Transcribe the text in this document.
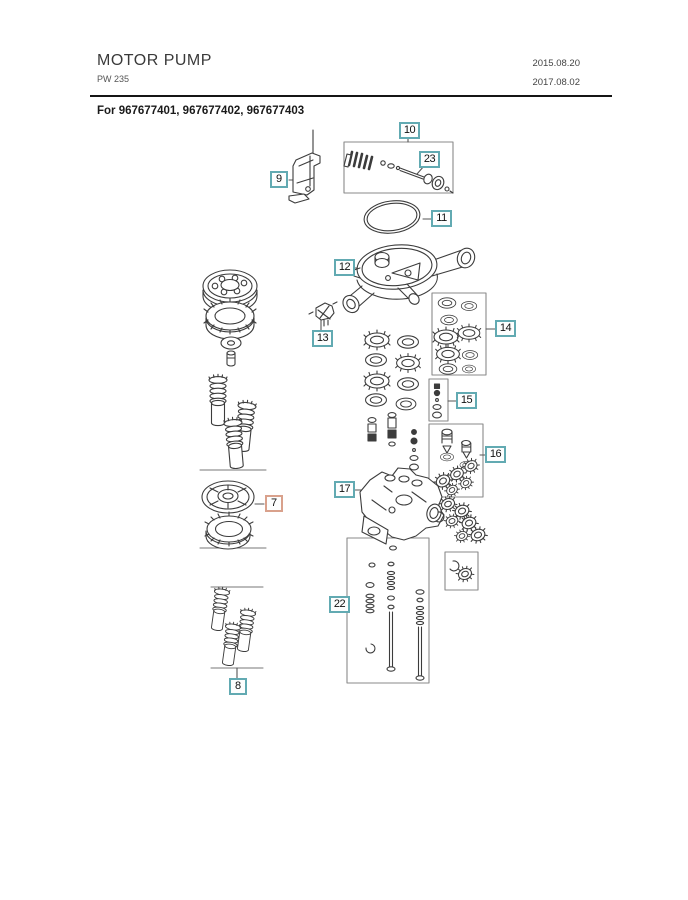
MOTOR PUMP
PW 235
2015.08.20
2017.08.02
For 967677401, 967677402, 967677403
9
10
23
11
12
13
14
15
16
17
7
22
8
